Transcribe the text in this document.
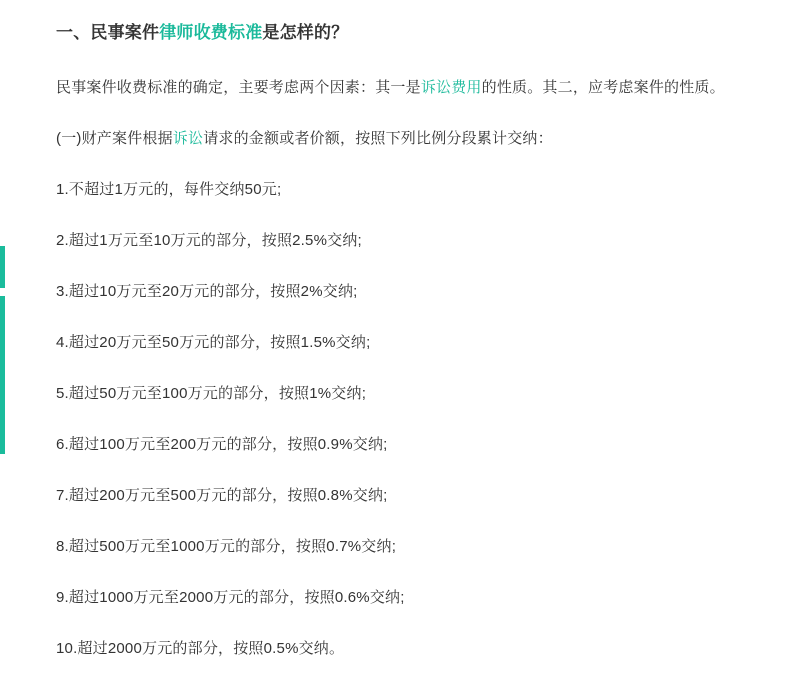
一、民事案件律师收费标准是怎样的？

民事案件收费标准的确定，主要考虑两个因素：其一是诉讼费用的性质。其二，应考虑案件的性质。

(一)财产案件根据诉讼请求的金额或者价额，按照下列比例分段累计交纳：

1.不超过1万元的，每件交纳50元;

2.超过1万元至10万元的部分，按照2.5%交纳;

3.超过10万元至20万元的部分，按照2%交纳;

4.超过20万元至50万元的部分，按照1.5%交纳;

5.超过50万元至100万元的部分，按照1%交纳;

6.超过100万元至200万元的部分，按照0.9%交纳;

7.超过200万元至500万元的部分，按照0.8%交纳;

8.超过500万元至1000万元的部分，按照0.7%交纳;

9.超过1000万元至2000万元的部分，按照0.6%交纳;

10.超过2000万元的部分，按照0.5%交纳。
